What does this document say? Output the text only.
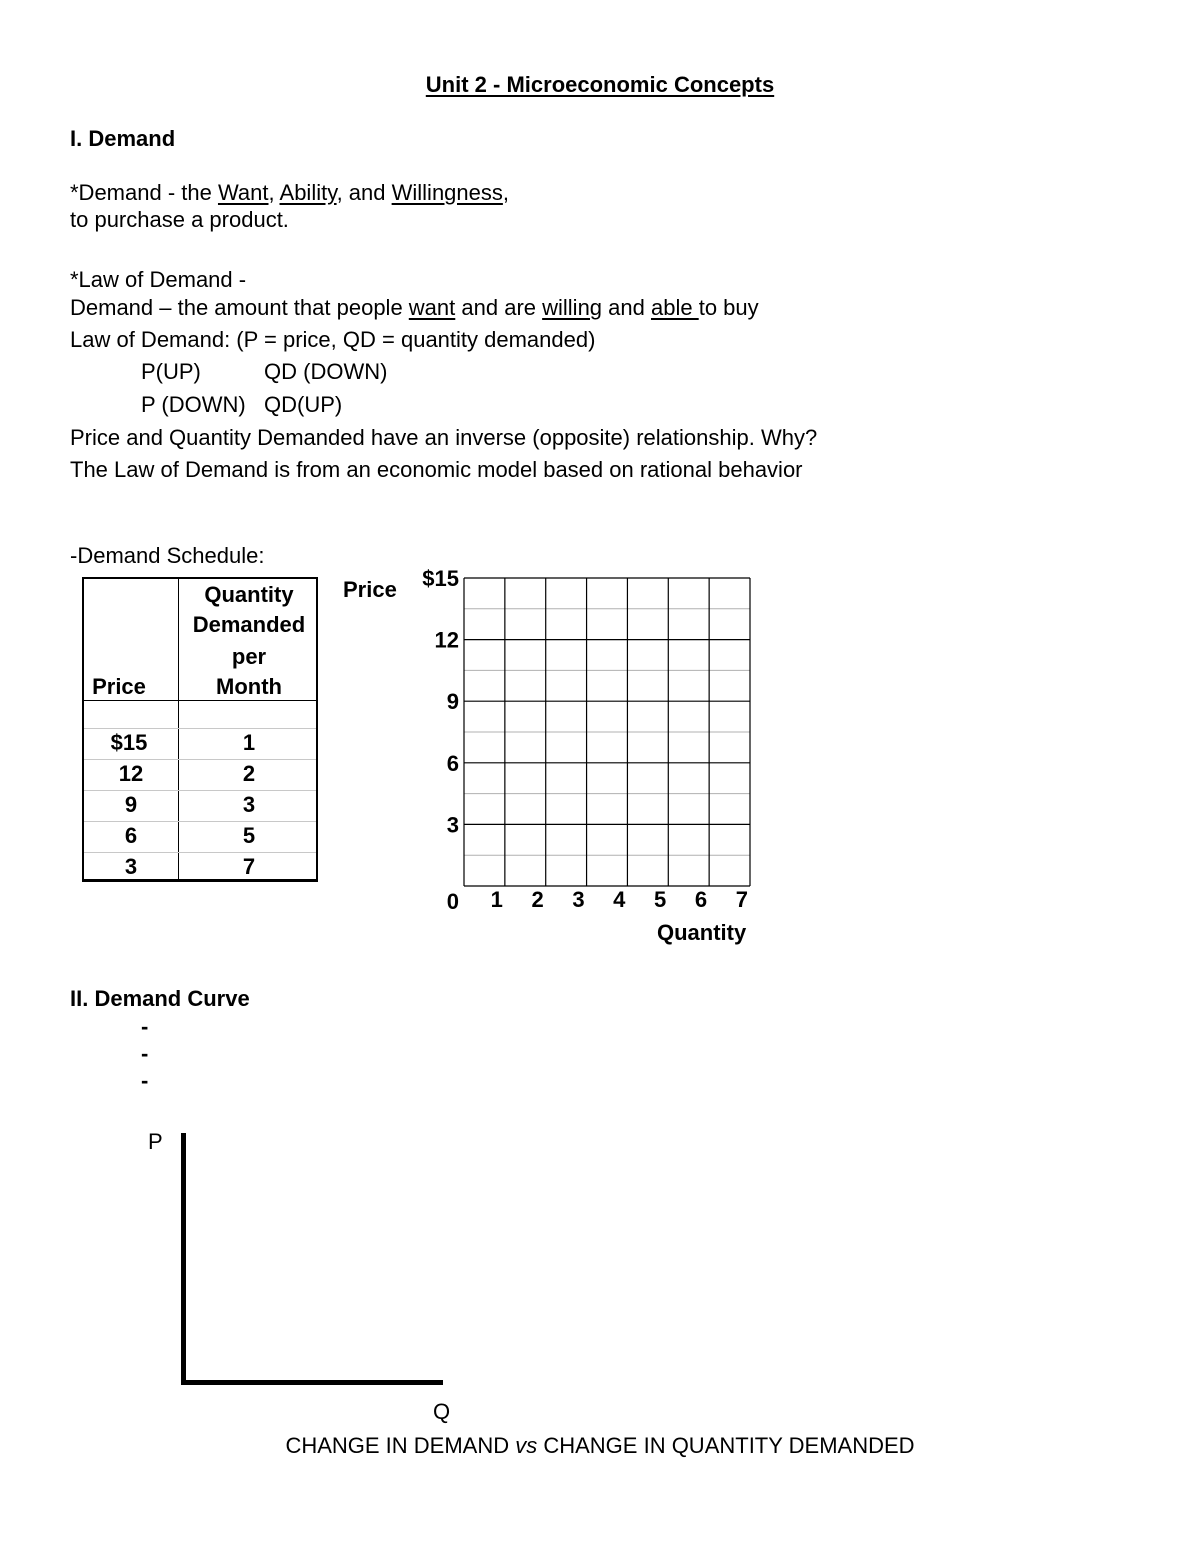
Unit 2 - Microeconomic Concepts
I. Demand
*Demand - the Want, Ability, and Willingness,
to purchase a product.
*Law of Demand -
Demand – the amount that people want and are willing and able to buy
Law of Demand: (P = price, QD = quantity demanded)
P(UP)	QD (DOWN)
P (DOWN) QD(UP)
Price and Quantity Demanded have an inverse (opposite) relationship. Why?
The Law of Demand is from an economic model based on rational behavior
-Demand Schedule:
Price
Quantity
Demanded
per
Month
$15	1
12	2
9	3
6	5
3	7
Price
Quantity
$15
12
9
6
3
0 1 2 3 4 5 6 7
II. Demand Curve
-
-
-
P
Q
CHANGE IN DEMAND vs CHANGE IN QUANTITY DEMANDED
